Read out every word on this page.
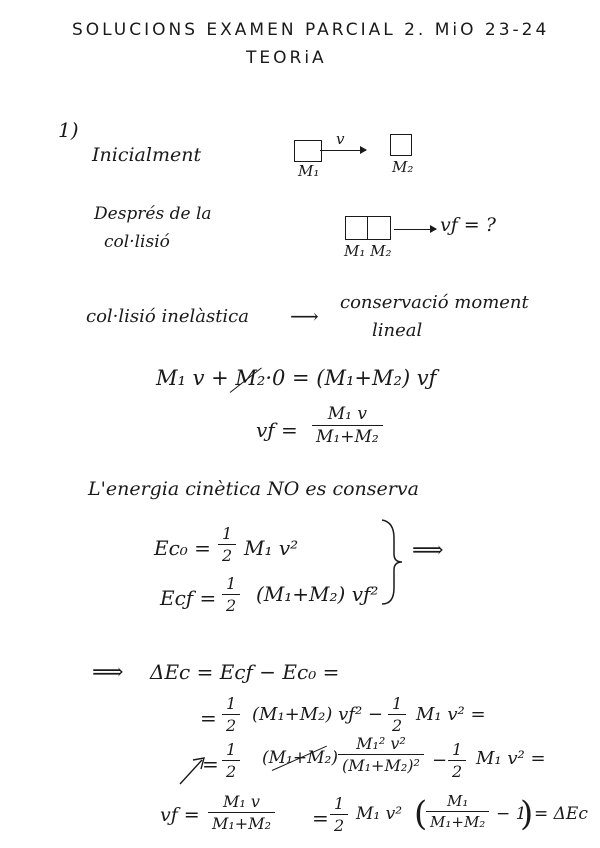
SOLUCIONS EXAMEN PARCIAL 2. MiO 23-24
TEORiA
1)
Inicialment
v
M₁	M₂
Després de la
col·lisió
vƒ = ?
M₁ M₂
col·lisió inelàstica ⟶
conservació moment
lineal
M₁ v + M₂·0 = (M₁+M₂) vƒ
vƒ =
M₁ v
M₁+M₂
L'energia cinètica NO es conserva
Ec₀ =
1
2 M₁ v²
Ecƒ =
1
2 (M₁+M₂) vƒ²
⟹
⟹ ΔEc = Ecƒ − Ec₀ =
=
1
2
(M₁+M₂) vƒ² −
1
2
M₁ v² =
=
1
2
(M₁+M₂)
M₁² v²
(M₁+M₂)² −
1
2
M₁ v² =
vƒ =
M₁ v
M₁+M₂ =
1
2
M₁ v² (	M₁
M₁+M₂ − 1
) = ΔEc
